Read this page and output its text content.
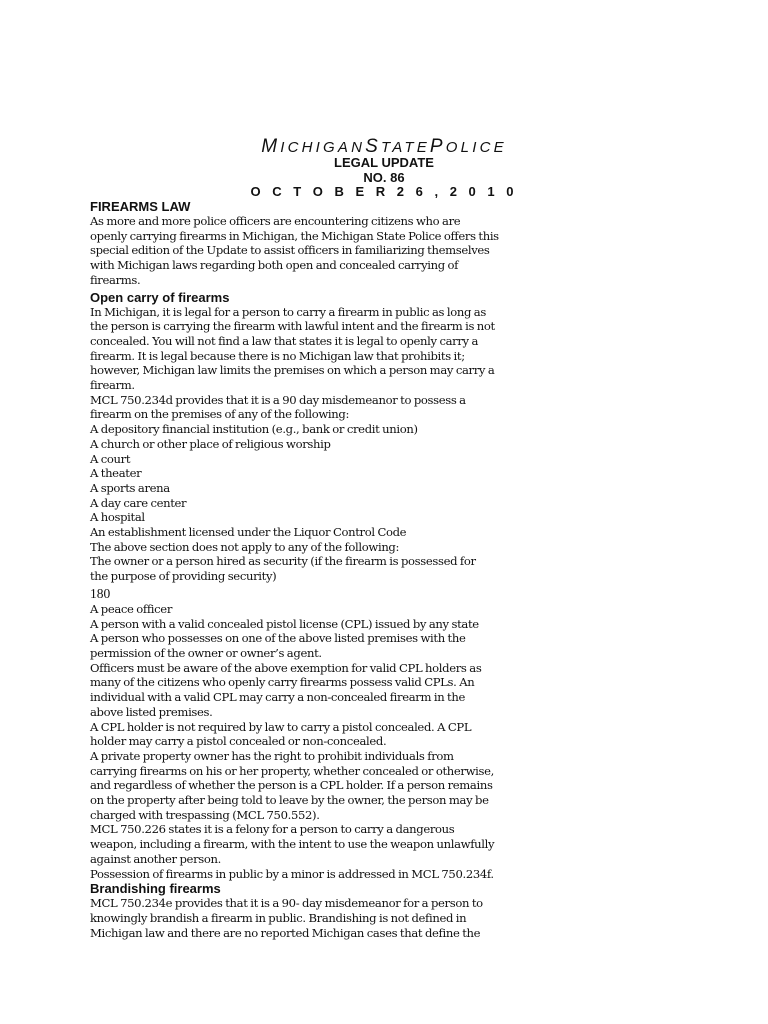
MICHIGANSTATEPOLICE
LEGAL UPDATE
NO. 86
O C T O B E R 2 6 , 2 0 1 0
FIREARMS LAW

As more and more police officers are encountering citizens who are

openly carrying firearms in Michigan, the Michigan State Police offers this

special edition of the Update to assist officers in familiarizing themselves

with Michigan laws regarding both open and concealed carrying of

firearms.

Open carry of firearms

In Michigan, it is legal for a person to carry a firearm in public as long as

the person is carrying the firearm with lawful intent and the firearm is not

concealed. You will not find a law that states it is legal to openly carry a

firearm. It is legal because there is no Michigan law that prohibits it;

however, Michigan law limits the premises on which a person may carry a

firearm.

MCL 750.234d provides that it is a 90 day misdemeanor to possess a

firearm on the premises of any of the following:

A depository financial institution (e.g., bank or credit union)

A church or other place of religious worship

A court

A theater

A sports arena

A day care center

A hospital

An establishment licensed under the Liquor Control Code

The above section does not apply to any of the following:

The owner or a person hired as security (if the firearm is possessed for

the purpose of providing security)

180

A peace officer

A person with a valid concealed pistol license (CPL) issued by any state

A person who possesses on one of the above listed premises with the

permission of the owner or owner’s agent.

Officers must be aware of the above exemption for valid CPL holders as

many of the citizens who openly carry firearms possess valid CPLs. An

individual with a valid CPL may carry a non-concealed firearm in the

above listed premises.

A CPL holder is not required by law to carry a pistol concealed. A CPL

holder may carry a pistol concealed or non-concealed.

A private property owner has the right to prohibit individuals from

carrying firearms on his or her property, whether concealed or otherwise,

and regardless of whether the person is a CPL holder. If a person remains

on the property after being told to leave by the owner, the person may be

charged with trespassing (MCL 750.552).

MCL 750.226 states it is a felony for a person to carry a dangerous

weapon, including a firearm, with the intent to use the weapon unlawfully

against another person.

Possession of firearms in public by a minor is addressed in MCL 750.234f.

Brandishing firearms

MCL 750.234e provides that it is a 90- day misdemeanor for a person to

knowingly brandish a firearm in public. Brandishing is not defined in

Michigan law and there are no reported Michigan cases that define the
